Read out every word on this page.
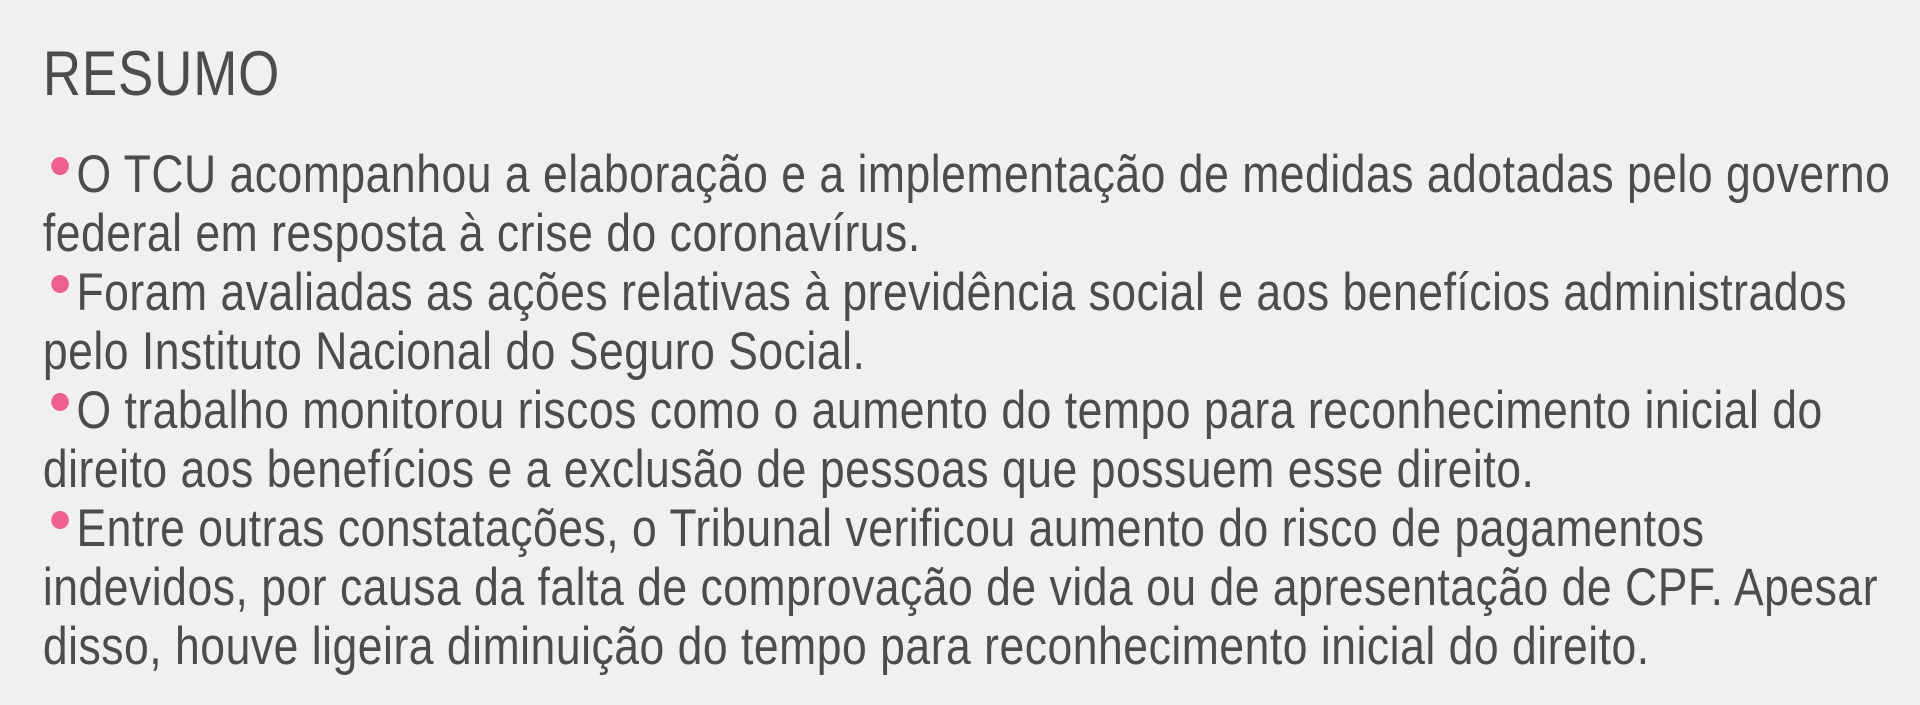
RESUMO

O TCU acompanhou a elaboração e a implementação de medidas adotadas pelo governo
federal em resposta à crise do coronavírus.

Foram avaliadas as ações relativas à previdência social e aos benefícios administrados
pelo Instituto Nacional do Seguro Social.

O trabalho monitorou riscos como o aumento do tempo para reconhecimento inicial do
direito aos benefícios e a exclusão de pessoas que possuem esse direito.

Entre outras constatações, o Tribunal verificou aumento do risco de pagamentos
indevidos, por causa da falta de comprovação de vida ou de apresentação de CPF. Apesar
disso, houve ligeira diminuição do tempo para reconhecimento inicial do direito.
